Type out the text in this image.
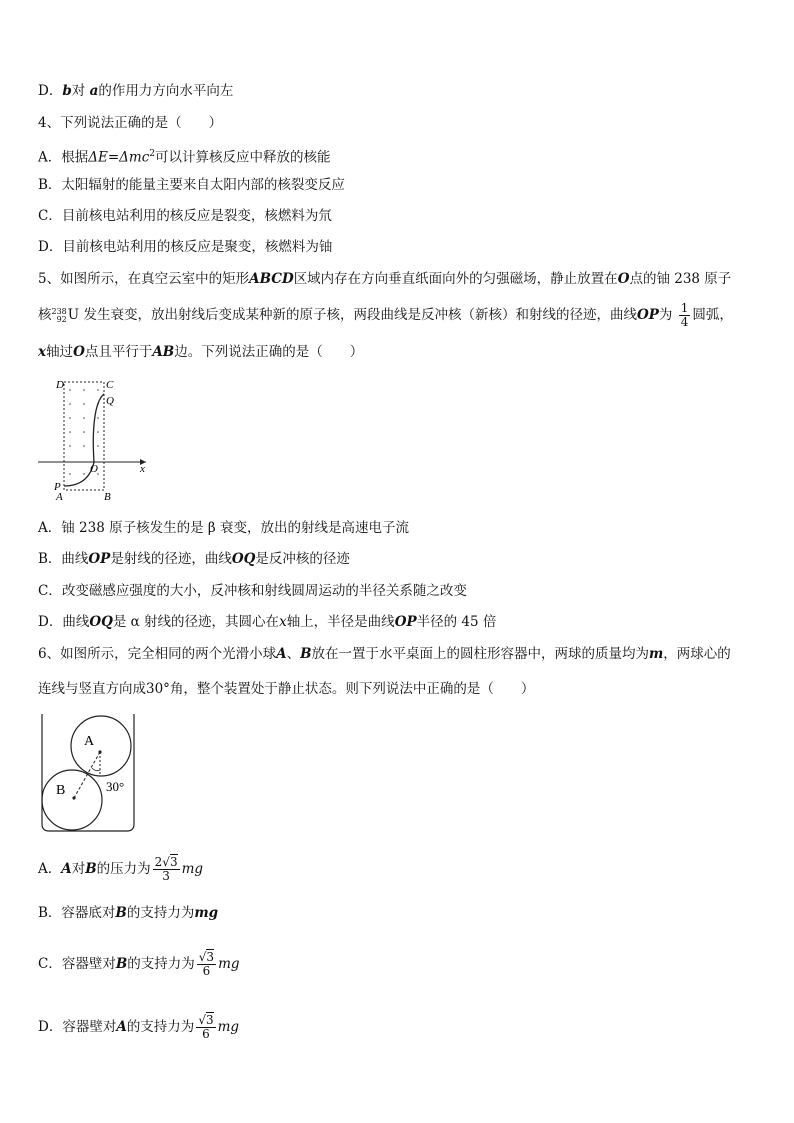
D．b对 a的作用力方向水平向左
4、下列说法正确的是（　　）
A．根据ΔE=Δmc$^2$可以计算核反应中释放的核能
B．太阳辐射的能量主要来自太阳内部的核裂变反应
C．目前核电站利用的核反应是裂变，核燃料为氘
D．目前核电站利用的核反应是聚变，核燃料为铀
5、如图所示，在真空云室中的矩形ABCD区域内存在方向垂直纸面向外的匀强磁场，静止放置在O点的铀 238 原子
核 238
92 U 发生衰变，放出射线后变成某种新的原子核，两段曲线是反冲核（新核）和射线的径迹，曲线OP为 $\frac{1}{4}$ 圆弧，
x轴过O点且平行于AB边。下列说法正确的是（　　）
D	C
Q
O	x
P
A	B
A．铀 238 原子核发生的是 β 衰变，放出的射线是高速电子流
B．曲线OP是射线的径迹，曲线OQ是反冲核的径迹
C．改变磁感应强度的大小，反冲核和射线圆周运动的半径关系随之改变
D．曲线OQ是 α 射线的径迹，其圆心在x轴上，半径是曲线OP半径的 45 倍
6、如图所示，完全相同的两个光滑小球A、B放在一置于水平桌面上的圆柱形容器中，两球的质量均为m，两球心的
连线与竖直方向成30°角，整个装置处于静止状态。则下列说法中正确的是（　　）
A
B	30°
A．A对B的压力为 $\frac{2√3}{3}$ mg
B．容器底对B的支持力为mg
C．容器壁对B的支持力为 $\frac{√3}{6}$ mg
D．容器壁对A的支持力为 $\frac{√3}{6}$ mg
